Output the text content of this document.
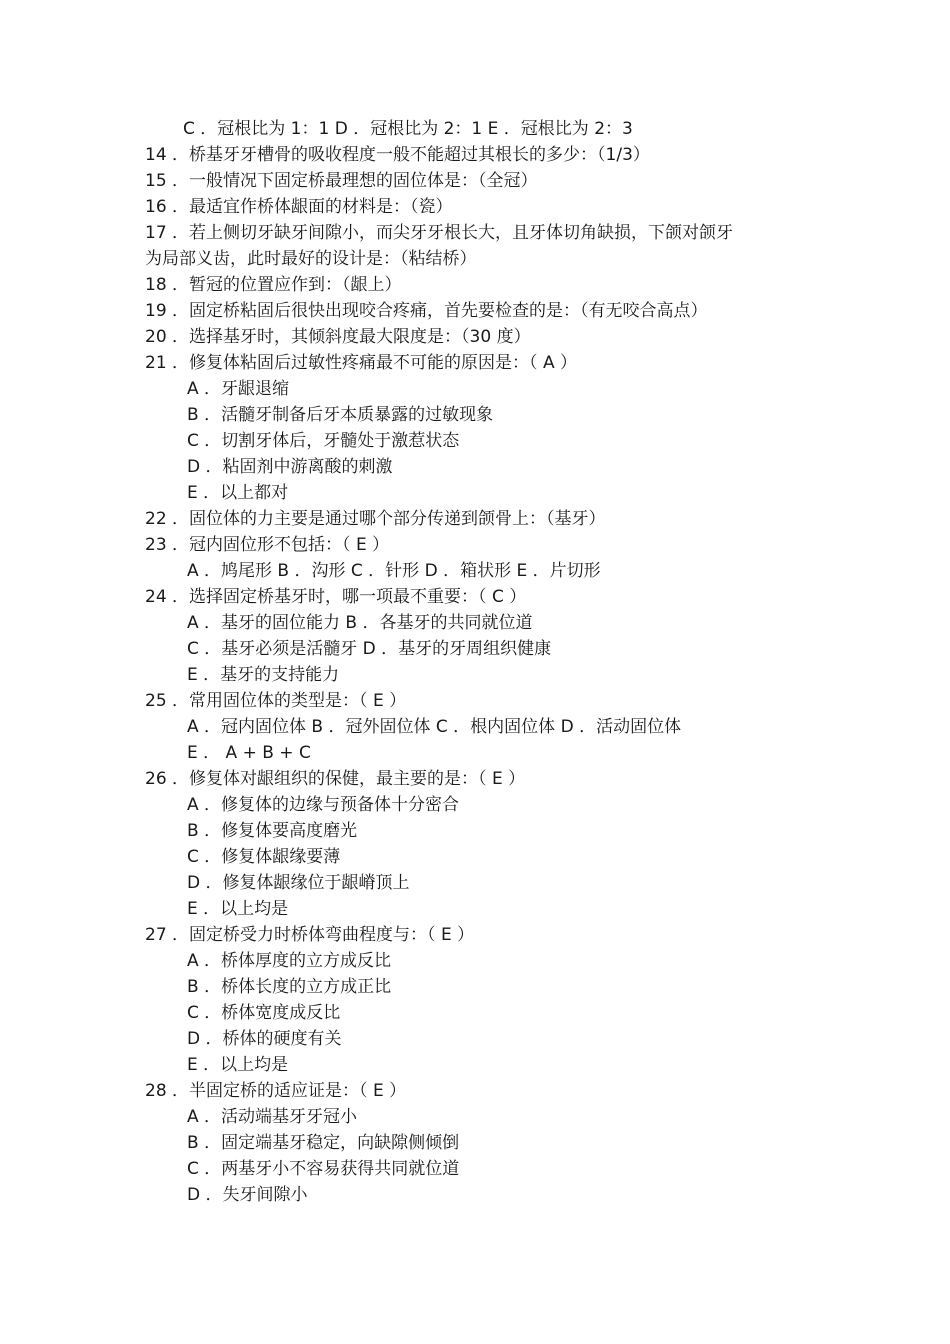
C ．冠根比为 1：1 D ．冠根比为 2：1 E ．冠根比为 2：3
14 ．桥基牙牙槽骨的吸收程度一般不能超过其根长的多少：（1/3）
15 ．一般情况下固定桥最理想的固位体是：（全冠）
16 ．最适宜作桥体龈面的材料是：（瓷）
17 ．若上侧切牙缺牙间隙小，而尖牙牙根长大，且牙体切角缺损，下颌对颌牙
为局部义齿，此时最好的设计是：（粘结桥）
18 ．暂冠的位置应作到：（龈上）
19 ．固定桥粘固后很快出现咬合疼痛，首先要检查的是：（有无咬合高点）
20 ．选择基牙时，其倾斜度最大限度是：（30 度）
21 ．修复体粘固后过敏性疼痛最不可能的原因是：（ A ）
A ．牙龈退缩
B ．活髓牙制备后牙本质暴露的过敏现象
C ．切割牙体后，牙髓处于激惹状态
D ．粘固剂中游离酸的刺激
E ．以上都对
22 ．固位体的力主要是通过哪个部分传递到颌骨上：（基牙）
23 ．冠内固位形不包括：（ E ）
A ．鸠尾形 B ．沟形 C ．针形 D ．箱状形 E ．片切形
24 ．选择固定桥基牙时，哪一项最不重要：（ C ）
A ．基牙的固位能力 B ．各基牙的共同就位道
C ．基牙必须是活髓牙 D ．基牙的牙周组织健康
E ．基牙的支持能力
25 ．常用固位体的类型是：（ E ）
A ．冠内固位体 B ．冠外固位体 C ．根内固位体 D ．活动固位体
E ． A + B + C
26 ．修复体对龈组织的保健，最主要的是：（ E ）
A ．修复体的边缘与预备体十分密合
B ．修复体要高度磨光
C ．修复体龈缘要薄
D ．修复体龈缘位于龈嵴顶上
E ．以上均是
27 ．固定桥受力时桥体弯曲程度与：（ E ）
A ．桥体厚度的立方成反比
B ．桥体长度的立方成正比
C ．桥体宽度成反比
D ．桥体的硬度有关
E ．以上均是
28 ．半固定桥的适应证是：（ E ）
A ．活动端基牙牙冠小
B ．固定端基牙稳定，向缺隙侧倾倒
C ．两基牙小不容易获得共同就位道
D ．失牙间隙小
